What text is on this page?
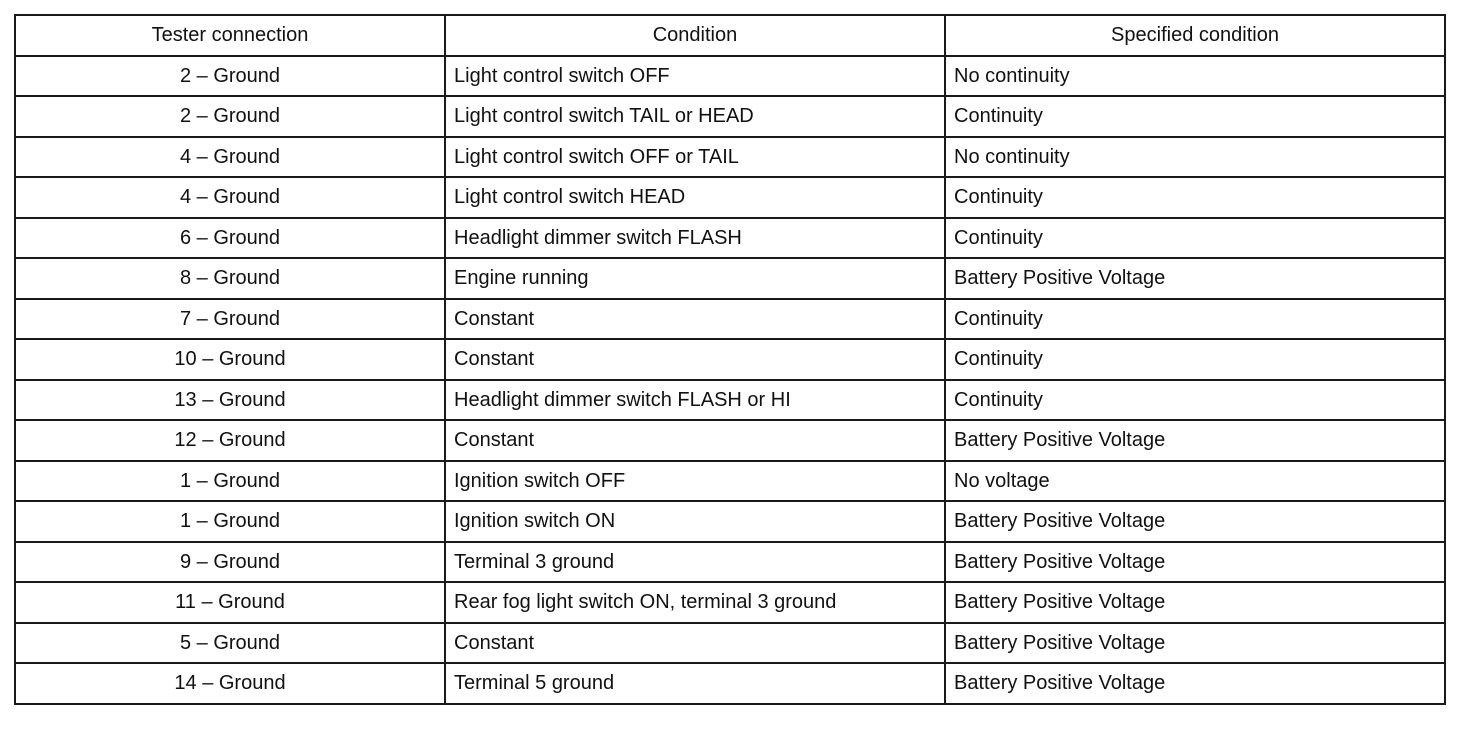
Tester connection	Condition	Specified condition
2 – Ground	Light control switch OFF	No continuity
2 – Ground	Light control switch TAIL or HEAD	Continuity
4 – Ground	Light control switch OFF or TAIL	No continuity
4 – Ground	Light control switch HEAD	Continuity
6 – Ground	Headlight dimmer switch FLASH	Continuity
8 – Ground	Engine running	Battery Positive Voltage
7 – Ground	Constant	Continuity
10 – Ground	Constant	Continuity
13 – Ground	Headlight dimmer switch FLASH or HI	Continuity
12 – Ground	Constant	Battery Positive Voltage
1 – Ground	Ignition switch OFF	No voltage
1 – Ground	Ignition switch ON	Battery Positive Voltage
9 – Ground	Terminal 3 ground	Battery Positive Voltage
11 – Ground	Rear fog light switch ON, terminal 3 ground	Battery Positive Voltage
5 – Ground	Constant	Battery Positive Voltage
14 – Ground	Terminal 5 ground	Battery Positive Voltage
